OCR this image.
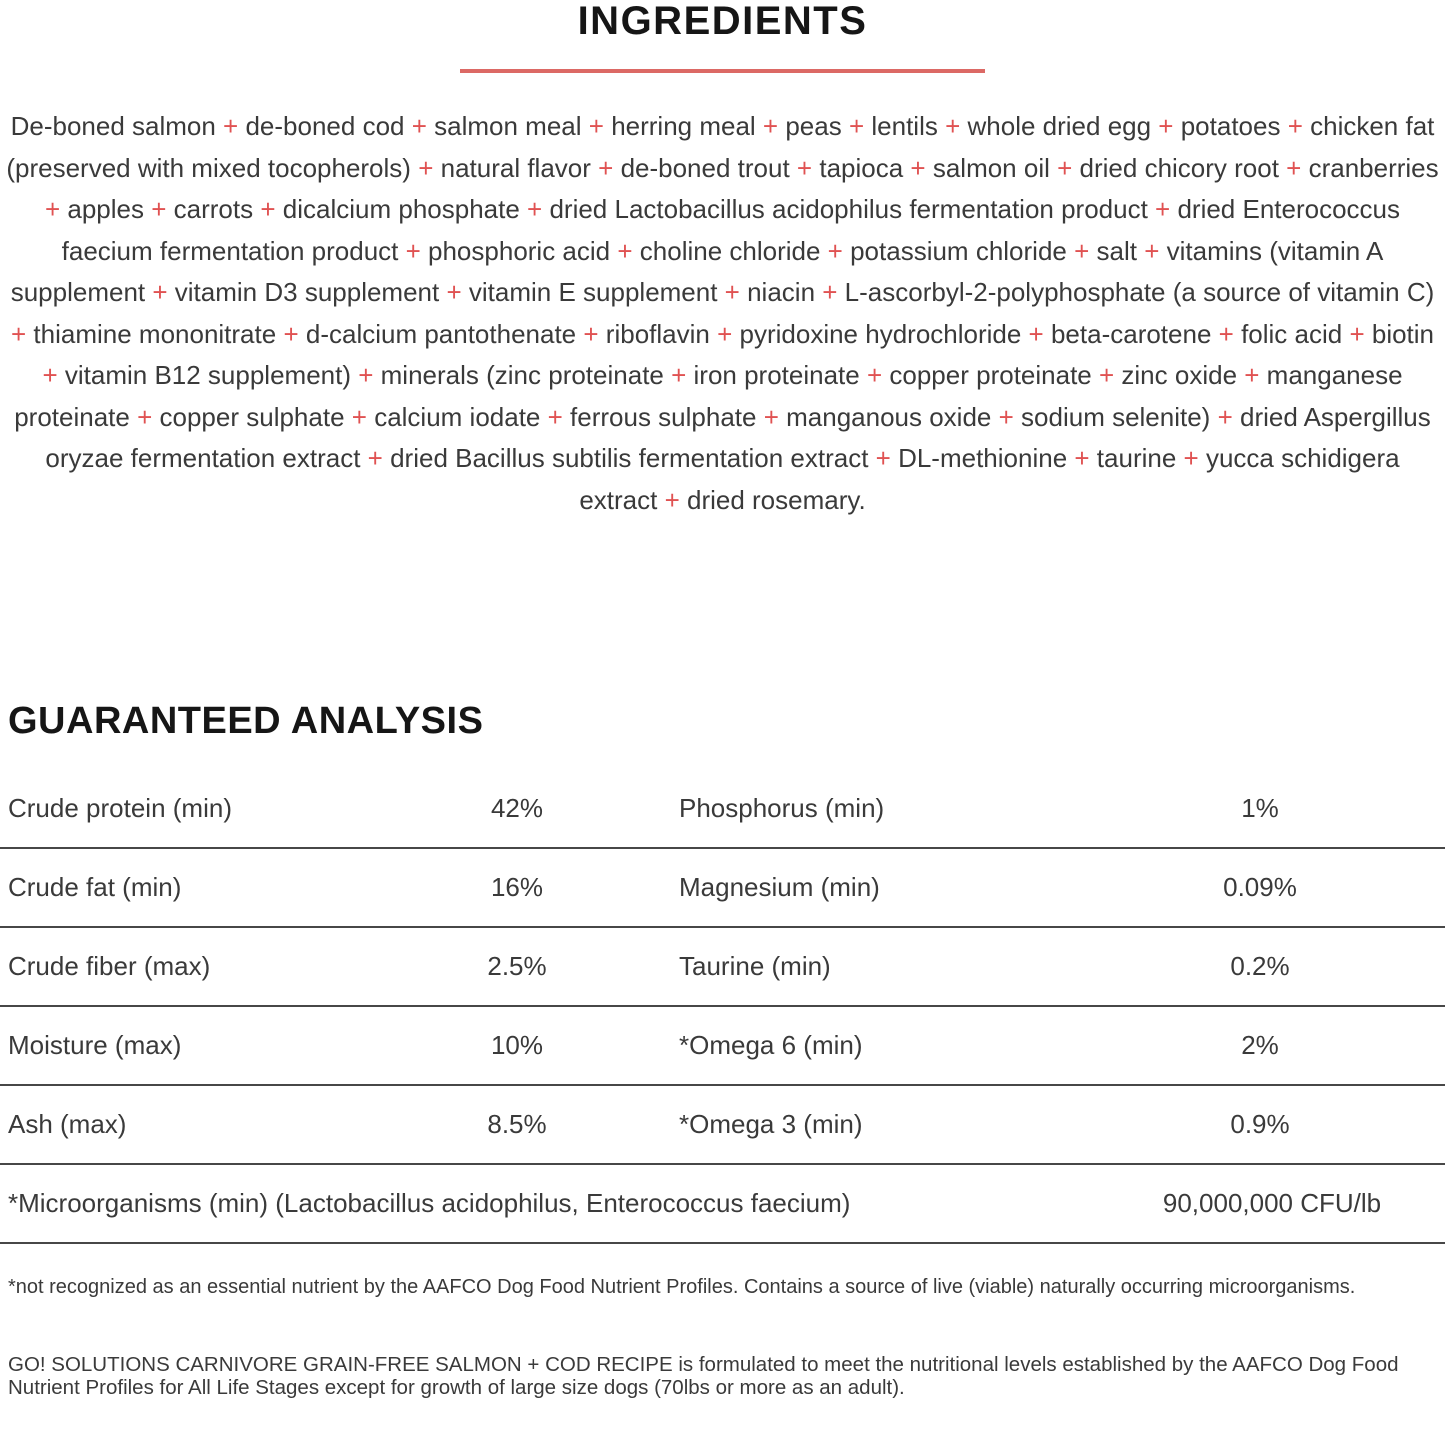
INGREDIENTS

De-boned salmon + de-boned cod + salmon meal + herring meal + peas + lentils + whole dried egg + potatoes + chicken fat (preserved with mixed tocopherols) + natural flavor + de-boned trout + tapioca + salmon oil + dried chicory root + cranberries + apples + carrots + dicalcium phosphate + dried Lactobacillus acidophilus fermentation product + dried Enterococcus faecium fermentation product + phosphoric acid + choline chloride + potassium chloride + salt + vitamins (vitamin A supplement + vitamin D3 supplement + vitamin E supplement + niacin + L-ascorbyl-2-polyphosphate (a source of vitamin C) + thiamine mononitrate + d-calcium pantothenate + riboflavin + pyridoxine hydrochloride + beta-carotene + folic acid + biotin + vitamin B12 supplement) + minerals (zinc proteinate + iron proteinate + copper proteinate + zinc oxide + manganese proteinate + copper sulphate + calcium iodate + ferrous sulphate + manganous oxide + sodium selenite) + dried Aspergillus oryzae fermentation extract + dried Bacillus subtilis fermentation extract + DL-methionine + taurine + yucca schidigera extract + dried rosemary.

GUARANTEED ANALYSIS
Crude protein (min)	42%	Phosphorus (min)	1%
Crude fat (min)	16%	Magnesium (min)	0.09%
Crude fiber (max)	2.5%	Taurine (min)	0.2%
Moisture (max)	10%	*Omega 6 (min)	2%
Ash (max)	8.5%	*Omega 3 (min)	0.9%
*Microorganisms (min) (Lactobacillus acidophilus, Enterococcus faecium)	90,000,000 CFU/lb

*not recognized as an essential nutrient by the AAFCO Dog Food Nutrient Profiles. Contains a source of live (viable) naturally occurring microorganisms.

GO! SOLUTIONS CARNIVORE GRAIN-FREE SALMON + COD RECIPE is formulated to meet the nutritional levels established by the AAFCO Dog Food Nutrient Profiles for All Life Stages except for growth of large size dogs (70lbs or more as an adult).
